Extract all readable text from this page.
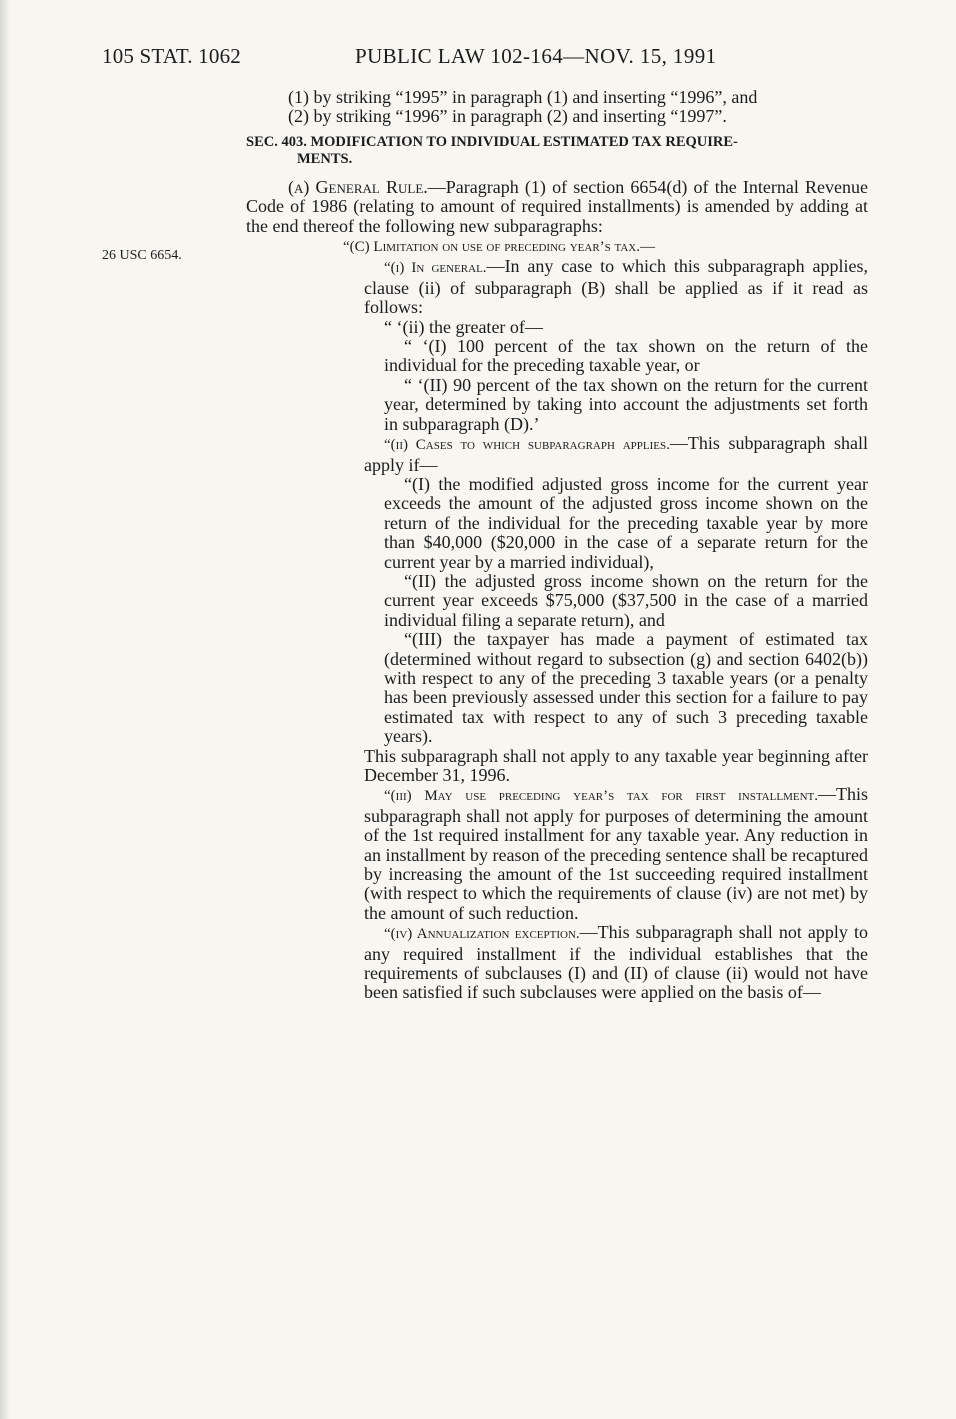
105 STAT. 1062	PUBLIC LAW 102-164—NOV. 15, 1991
26 USC 6654.

(1) by striking “1995” in paragraph (1) and inserting “1996”, and

(2) by striking “1996” in paragraph (2) and inserting “1997”.

SEC. 403. MODIFICATION TO INDIVIDUAL ESTIMATED TAX REQUIRE-
MENTS.

(a) General Rule.—Paragraph (1) of section 6654(d) of the Internal Revenue Code of 1986 (relating to amount of required installments) is amended by adding at the end thereof the following new subparagraphs:

“(C) Limitation on use of preceding year’s tax.—

“(i) In general.—In any case to which this subparagraph applies, clause (ii) of subparagraph (B) shall be applied as if it read as follows:

“ ‘(ii) the greater of—

“ ‘(I) 100 percent of the tax shown on the return of the individual for the preceding taxable year, or

“ ‘(II) 90 percent of the tax shown on the return for the current year, determined by taking into account the adjustments set forth in subparagraph (D).’

“(ii) Cases to which subparagraph applies.—This subparagraph shall apply if—

“(I) the modified adjusted gross income for the current year exceeds the amount of the adjusted gross income shown on the return of the individual for the preceding taxable year by more than $40,000 ($20,000 in the case of a separate return for the current year by a married individual),

“(II) the adjusted gross income shown on the return for the current year exceeds $75,000 ($37,500 in the case of a married individual filing a separate return), and

“(III) the taxpayer has made a payment of estimated tax (determined without regard to subsection (g) and section 6402(b)) with respect to any of the preceding 3 taxable years (or a penalty has been previously assessed under this section for a failure to pay estimated tax with respect to any of such 3 preceding taxable years).

This subparagraph shall not apply to any taxable year beginning after December 31, 1996.

“(iii) May use preceding year’s tax for first installment.—This subparagraph shall not apply for purposes of determining the amount of the 1st required installment for any taxable year. Any reduction in an installment by reason of the preceding sentence shall be recaptured by increasing the amount of the 1st succeeding required installment (with respect to which the requirements of clause (iv) are not met) by the amount of such reduction.

“(iv) Annualization exception.—This subparagraph shall not apply to any required installment if the individual establishes that the requirements of subclauses (I) and (II) of clause (ii) would not have been satisfied if such subclauses were applied on the basis of—
